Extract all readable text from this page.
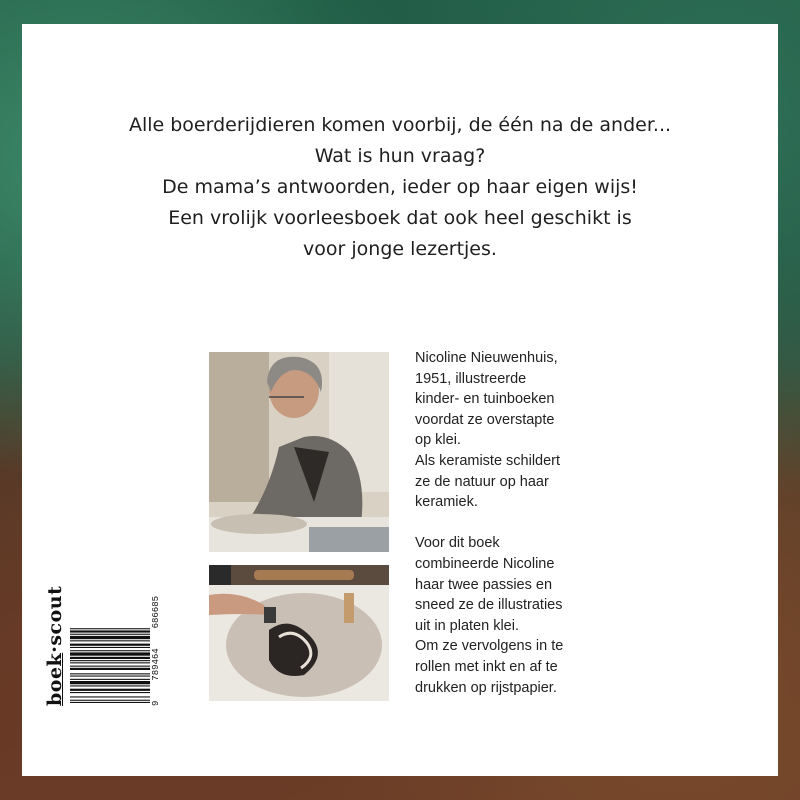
Alle boerderijdieren komen voorbij, de één na de ander...
Wat is hun vraag?
De mama’s antwoorden, ieder op haar eigen wijs!
Een vrolijk voorleesboek dat ook heel geschikt is
voor jonge lezertjes.

Nicoline Nieuwenhuis,
1951, illustreerde
kinder- en tuinboeken
voordat ze overstapte
op klei.
Als keramiste schildert
ze de natuur op haar
keramiek.

Voor dit boek
combineerde Nicoline
haar twee passies en
sneed ze de illustraties
uit in platen klei.
Om ze vervolgens in te
rollen met inkt en af te
drukken op rijstpapier.

boek·scout
9
789464
686685
